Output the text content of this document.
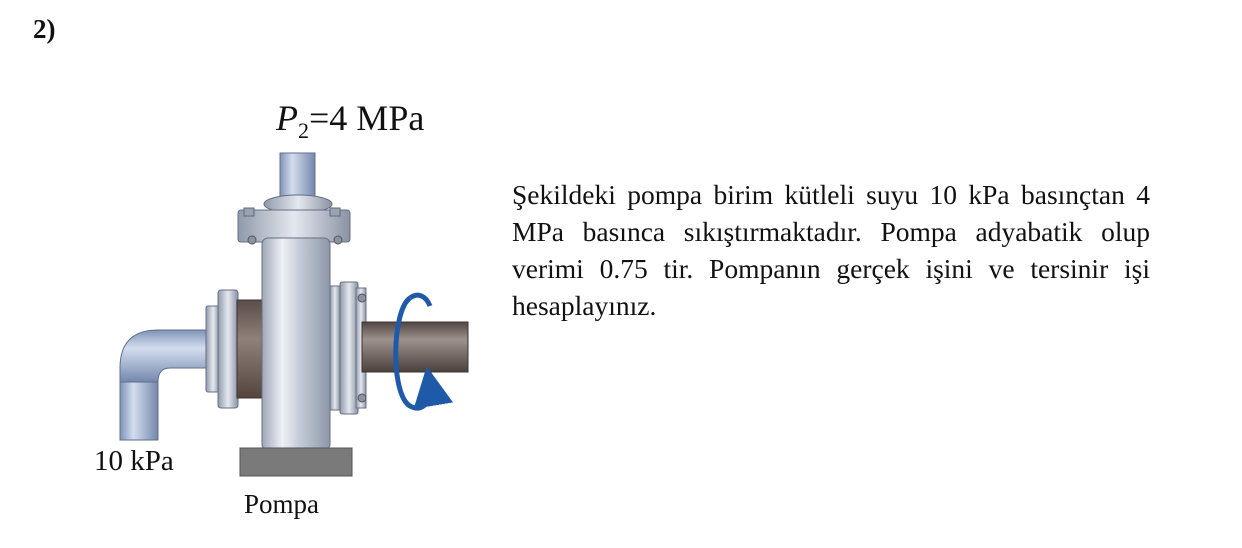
2)
$P_2=4$ MPa
10 kPa
Pompa
Şekildeki pompa birim kütleli suyu 10 kPa basınçtan 4 MPa basınca sıkıştırmaktadır. Pompa adyabatik olup verimi 0.75 tir. Pompanın gerçek işini ve tersinir işi hesaplayınız.
